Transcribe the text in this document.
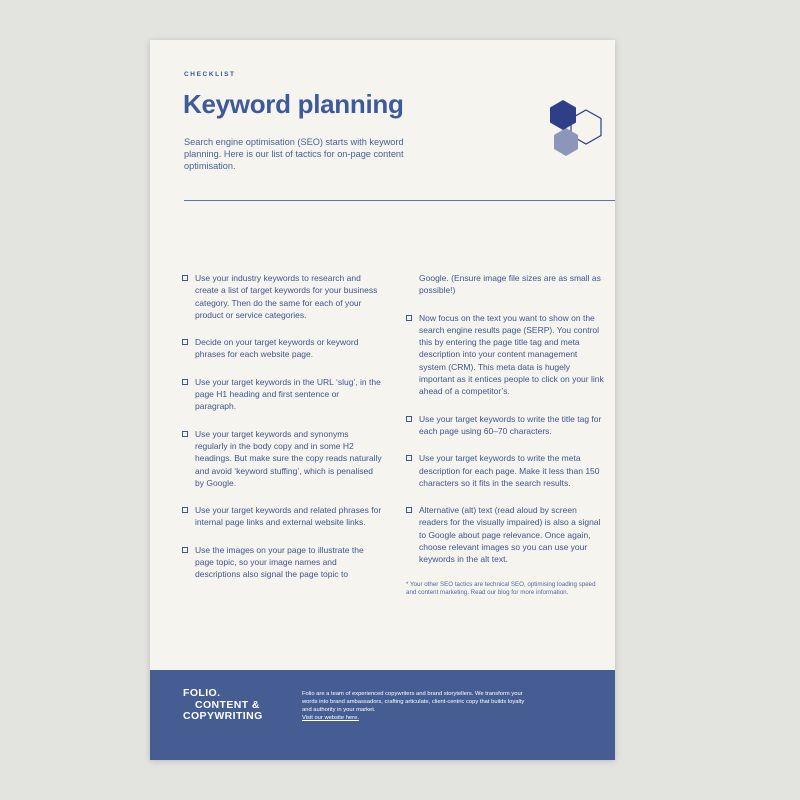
CHECKLIST
Keyword planning

Search engine optimisation (SEO) starts with keyword planning. Here is our list of tactics for on-page content optimisation.

Use your industry keywords to research and create a list of target keywords for your business category. Then do the same for each of your product or service categories.
Decide on your target keywords or keyword phrases for each website page.
Use your target keywords in the URL ‘slug’, in the page H1 heading and first sentence or paragraph.
Use your target keywords and synonyms regularly in the body copy and in some H2 headings. But make sure the copy reads naturally and avoid ‘keyword stuffing’, which is penalised by Google.
Use your target keywords and related phrases for internal page links and external website links.
Use the images on your page to illustrate the page topic, so your image names and descriptions also signal the page topic to
Google. (Ensure image file sizes are as small as possible!)
Now focus on the text you want to show on the search engine results page (SERP). You control this by entering the page title tag and meta description into your content management system (CRM). This meta data is hugely important as it entices people to click on your link ahead of a competitor’s.
Use your target keywords to write the title tag for each page using 60–70 characters.
Use your target keywords to write the meta description for each page. Make it less than 150 characters so it fits in the search results.
Alternative (alt) text (read aloud by screen readers for the visually impaired) is also a signal to Google about page relevance. Once again, choose relevant images so you can use your keywords in the alt text.
* Your other SEO tactics are technical SEO, optimising loading speed and content marketing. Read our blog for more information.
FOLIO.
CONTENT &
COPYWRITING
Folio are a team of experienced copywriters and brand storytellers. We transform your words into brand ambassadors, crafting articulate, client-centric copy that builds loyalty and authority in your market.
Visit our website here.
